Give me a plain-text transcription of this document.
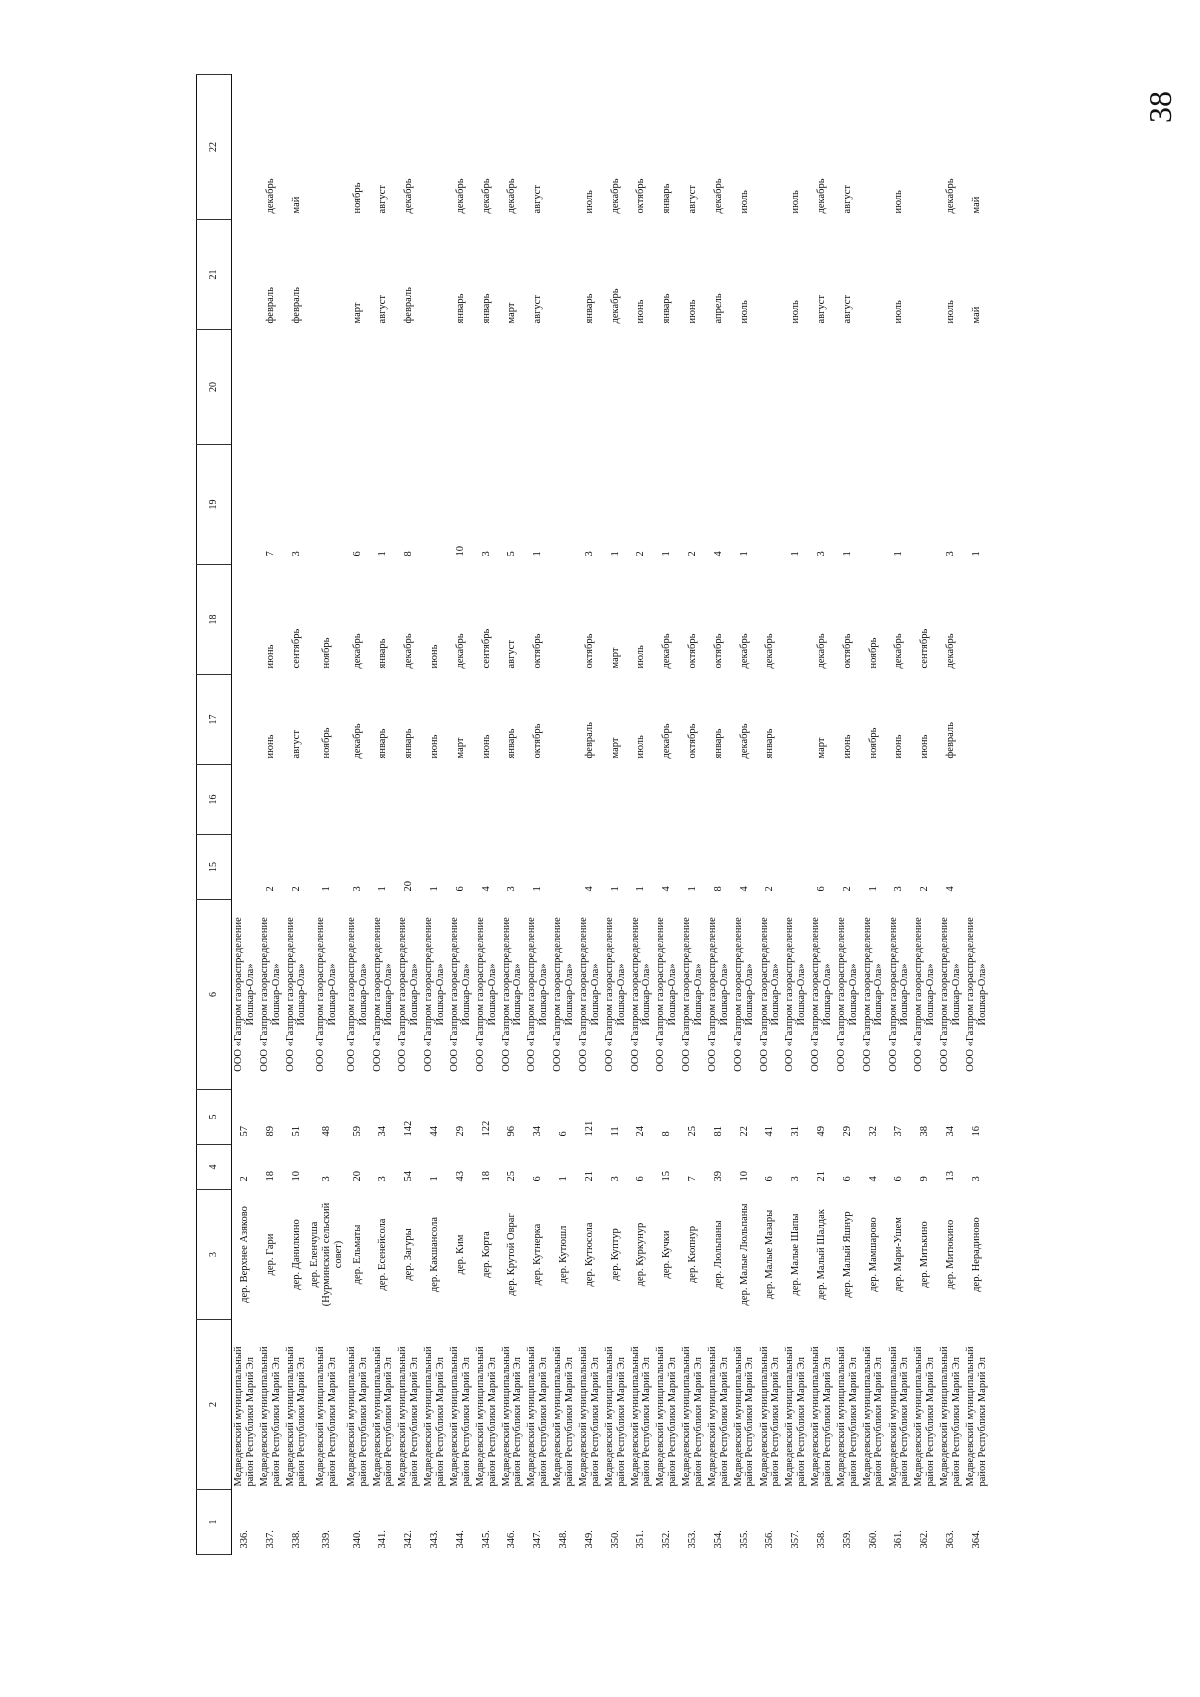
38
1	2	3	4	5	6	15	16	17	18	19	20	21	22
336.	Медведевский муниципальный район Республики Марий Эл	дер. Верхнее Азяково	2	57	ООО «Газпром газораспределение Йошкар-Ола»								
337.	Медведевский муниципальный район Республики Марий Эл	дер. Гари	18	89	ООО «Газпром газораспределение Йошкар-Ола»	2		июнь	июнь	7		февраль	декабрь
338.	Медведевский муниципальный район Республики Марий Эл	дер. Данилкино	10	51	ООО «Газпром газораспределение Йошкар-Ола»	2		август	сентябрь	3		февраль	май
339.	Медведевский муниципальный район Республики Марий Эл	дер. Еленчуша (Нурминский сельский совет)	3	48	ООО «Газпром газораспределение Йошкар-Ола»	1		ноябрь	ноябрь				
340.	Медведевский муниципальный район Республики Марий Эл	дер. Ельматы	20	59	ООО «Газпром газораспределение Йошкар-Ола»	3		декабрь	декабрь	6		март	ноябрь
341.	Медведевский муниципальный район Республики Марий Эл	дер. Есенейсола	3	34	ООО «Газпром газораспределение Йошкар-Ола»	1		январь	январь	1		август	август
342.	Медведевский муниципальный район Республики Марий Эл	дер. Загуры	54	142	ООО «Газпром газораспределение Йошкар-Ола»	20		январь	декабрь	8		февраль	декабрь
343.	Медведевский муниципальный район Республики Марий Эл	дер. Какшансола	1	44	ООО «Газпром газораспределение Йошкар-Ола»	1		июнь	июнь				
344.	Медведевский муниципальный район Республики Марий Эл	дер. Ким	43	29	ООО «Газпром газораспределение Йошкар-Ола»	6		март	декабрь	10		январь	декабрь
345.	Медведевский муниципальный район Республики Марий Эл	дер. Корта	18	122	ООО «Газпром газораспределение Йошкар-Ола»	4		июнь	сентябрь	3		январь	декабрь
346.	Медведевский муниципальный район Республики Марий Эл	дер. Крутой Овраг	25	96	ООО «Газпром газораспределение Йошкар-Ола»	3		январь	август	5		март	декабрь
347.	Медведевский муниципальный район Республики Марий Эл	дер. Кутнерка	6	34	ООО «Газпром газораспределение Йошкар-Ола»	1		октябрь	октябрь	1		август	август
348.	Медведевский муниципальный район Республики Марий Эл	дер. Кутюшл	1	6	ООО «Газпром газораспределение Йошкар-Ола»								
349.	Медведевский муниципальный район Республики Марий Эл	дер. Кутюсола	21	121	ООО «Газпром газораспределение Йошкар-Ола»	4		февраль	октябрь	3		январь	июль
350.	Медведевский муниципальный район Республики Марий Эл	дер. Куптур	3	11	ООО «Газпром газораспределение Йошкар-Ола»	1		март	март	1		декабрь	декабрь
351.	Медведевский муниципальный район Республики Марий Эл	дер. Куркунур	6	24	ООО «Газпром газораспределение Йошкар-Ола»	1		июль	июль	2		июнь	октябрь
352.	Медведевский муниципальный район Республики Марий Эл	дер. Кучки	15	8	ООО «Газпром газораспределение Йошкар-Ола»	4		декабрь	декабрь	1		январь	январь
353.	Медведевский муниципальный район Республики Марий Эл	дер. Кюпнур	7	25	ООО «Газпром газораспределение Йошкар-Ола»	1		октябрь	октябрь	2		июнь	август
354.	Медведевский муниципальный район Республики Марий Эл	дер. Люльпаны	39	81	ООО «Газпром газораспределение Йошкар-Ола»	8		январь	октябрь	4		апрель	декабрь
355.	Медведевский муниципальный район Республики Марий Эл	дер. Малые Люльпаны	10	22	ООО «Газпром газораспределение Йошкар-Ола»	4		декабрь	декабрь	1		июль	июль
356.	Медведевский муниципальный район Республики Марий Эл	дер. Малые Мазары	6	41	ООО «Газпром газораспределение Йошкар-Ола»	2		январь	декабрь				
357.	Медведевский муниципальный район Республики Марий Эл	дер. Малые Шапы	3	31	ООО «Газпром газораспределение Йошкар-Ола»					1		июль	июль
358.	Медведевский муниципальный район Республики Марий Эл	дер. Малый Шалдак	21	49	ООО «Газпром газораспределение Йошкар-Ола»	6		март	декабрь	3		август	декабрь
359.	Медведевский муниципальный район Республики Марий Эл	дер. Малый Яшнур	6	29	ООО «Газпром газораспределение Йошкар-Ола»	2		июнь	октябрь	1		август	август
360.	Медведевский муниципальный район Республики Марий Эл	дер. Мамшарово	4	32	ООО «Газпром газораспределение Йошкар-Ола»	1		ноябрь	ноябрь				
361.	Медведевский муниципальный район Республики Марий Эл	дер. Мари-Ушем	6	37	ООО «Газпром газораспределение Йошкар-Ола»	3		июнь	декабрь	1		июль	июль
362.	Медведевский муниципальный район Республики Марий Эл	дер. Митькино	9	38	ООО «Газпром газораспределение Йошкар-Ола»	2		июнь	сентябрь				
363.	Медведевский муниципальный район Республики Марий Эл	дер. Митюкино	13	34	ООО «Газпром газораспределение Йошкар-Ола»	4		февраль	декабрь	3		июль	декабрь
364.	Медведевский муниципальный район Республики Марий Эл	дер. Нерадиново	3	16	ООО «Газпром газораспределение Йошкар-Ола»					1		май	май
